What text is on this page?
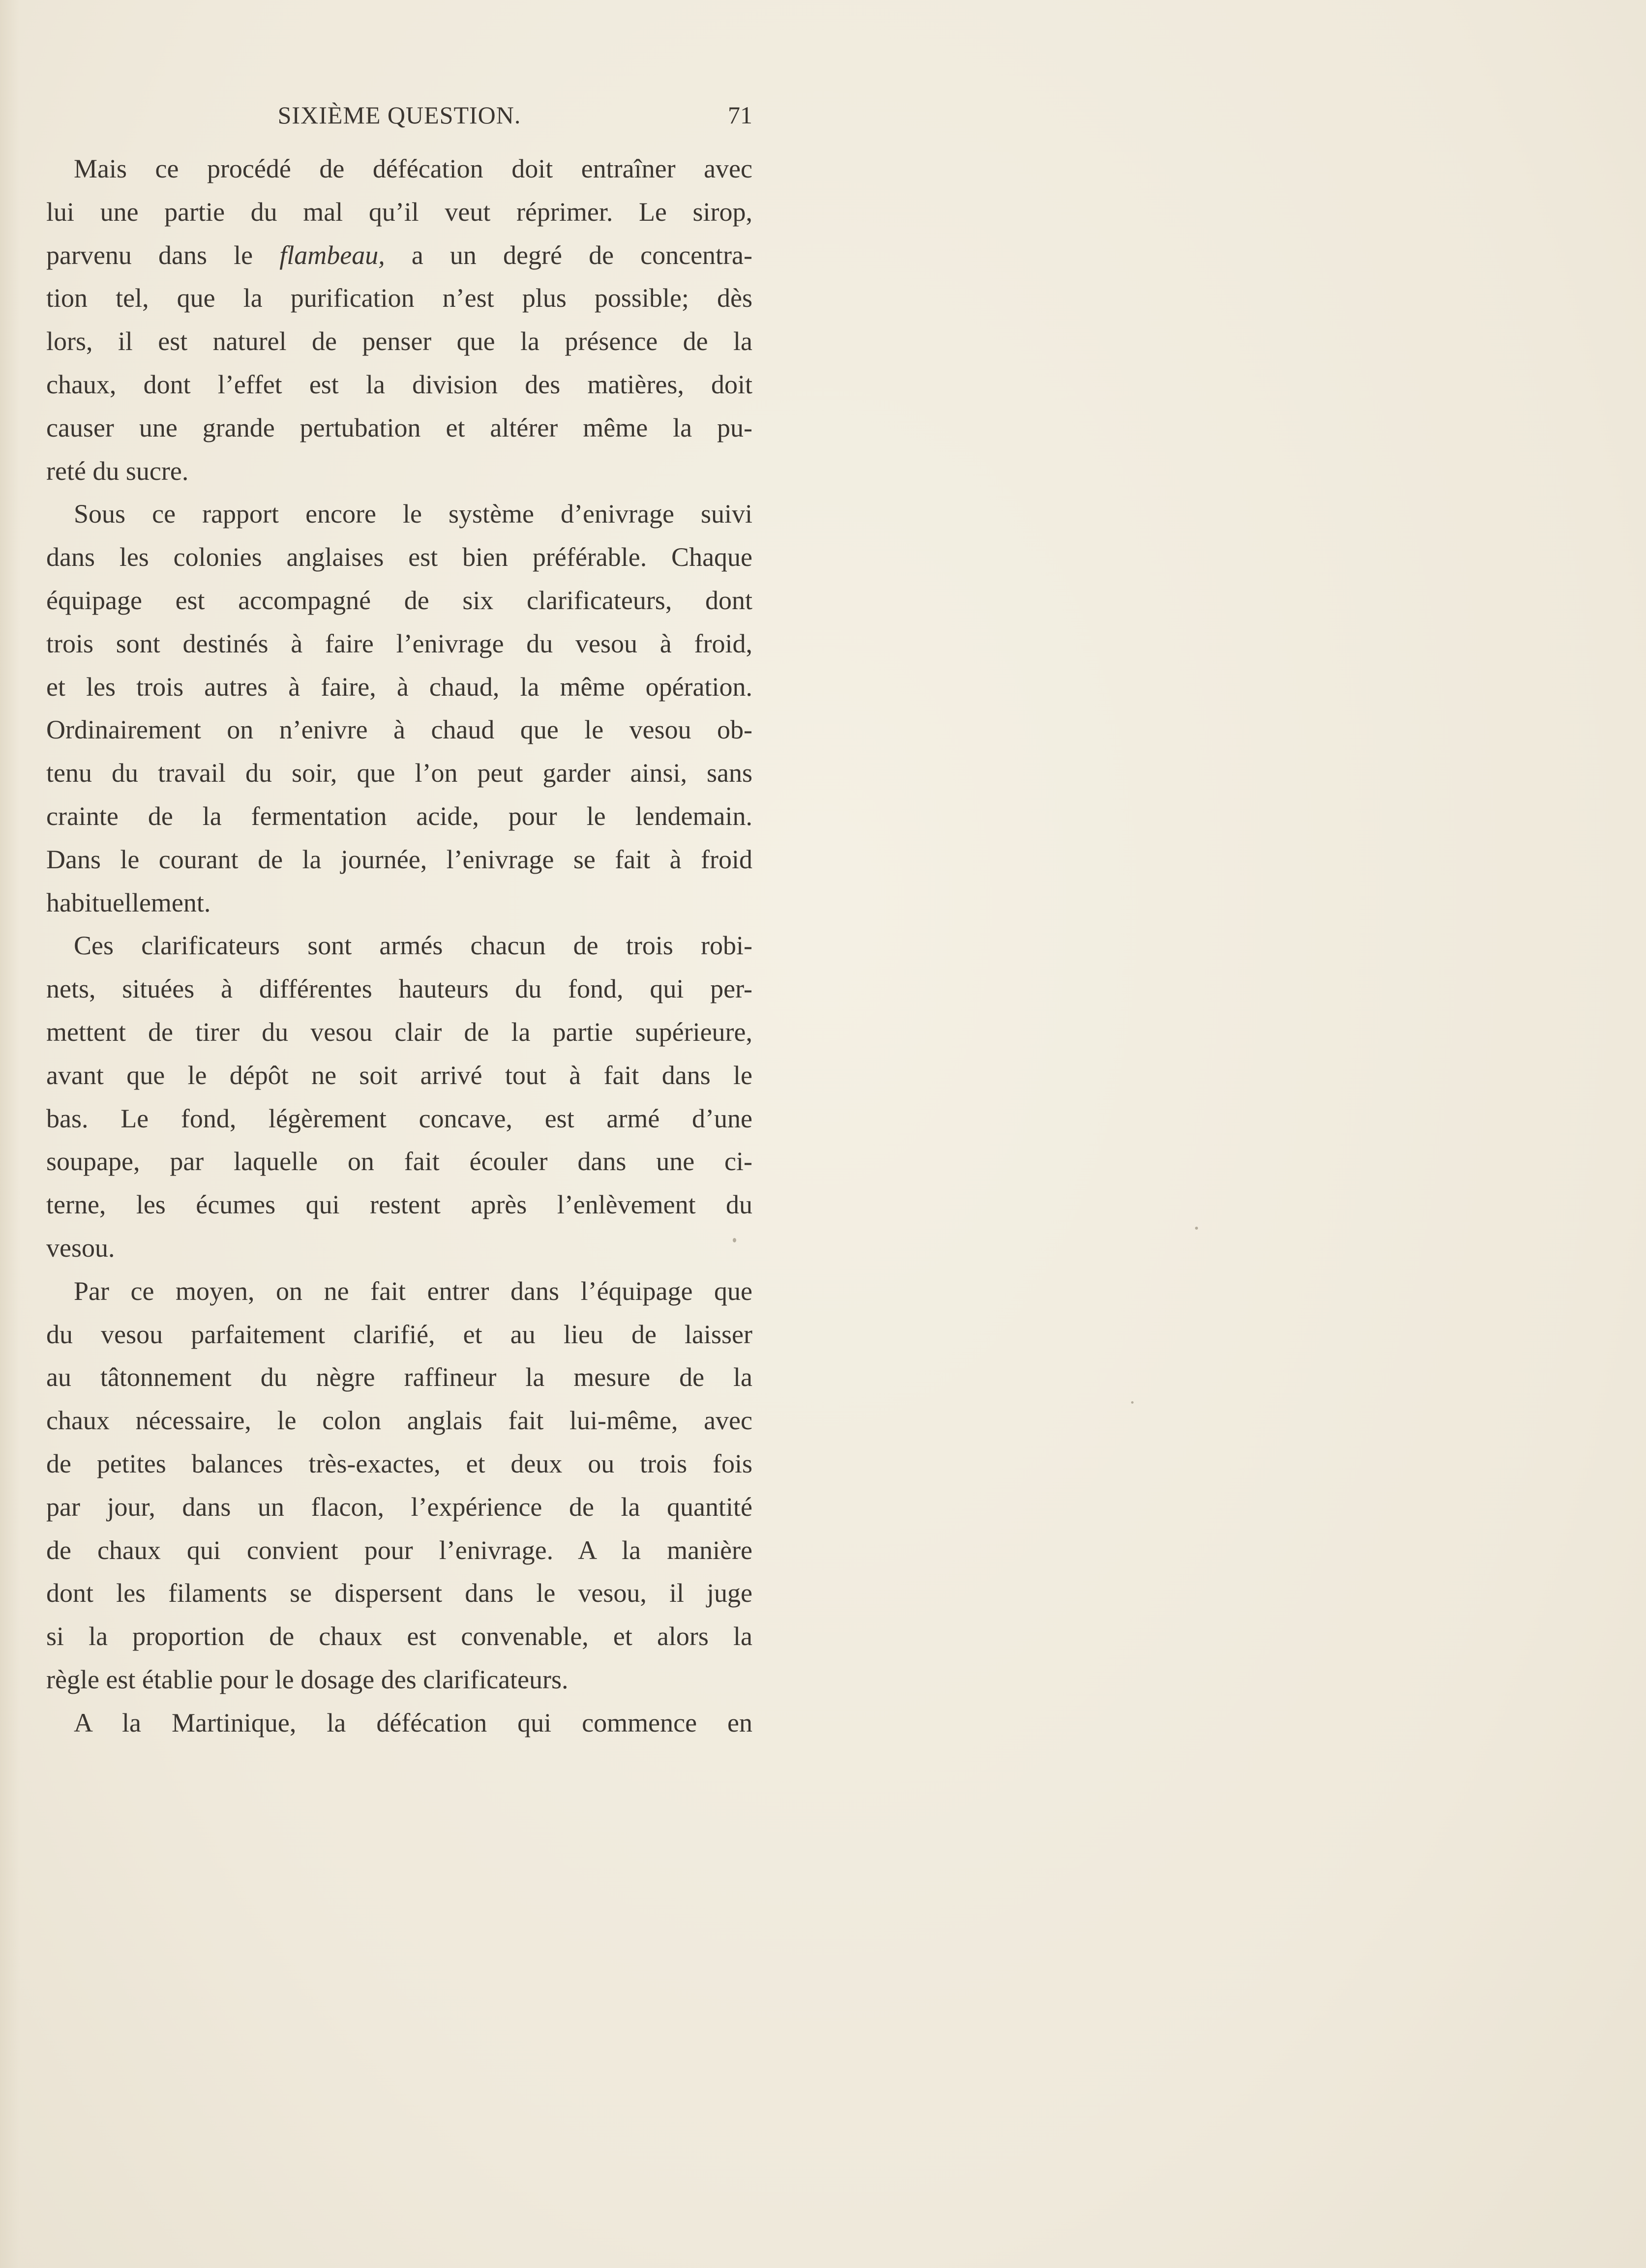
SIXIÈME QUESTION.	71
Mais ce procédé de défécation doit entraîner avec
lui une partie du mal qu’il veut réprimer. Le sirop,
parvenu dans le flambeau, a un degré de concentra-
tion tel, que la purification n’est plus possible; dès
lors, il est naturel de penser que la présence de la
chaux, dont l’effet est la division des matières, doit
causer une grande pertubation et altérer même la pu-
reté du sucre.
Sous ce rapport encore le système d’enivrage suivi
dans les colonies anglaises est bien préférable. Chaque
équipage est accompagné de six clarificateurs, dont
trois sont destinés à faire l’enivrage du vesou à froid,
et les trois autres à faire, à chaud, la même opération.
Ordinairement on n’enivre à chaud que le vesou ob-
tenu du travail du soir, que l’on peut garder ainsi, sans
crainte de la fermentation acide, pour le lendemain.
Dans le courant de la journée, l’enivrage se fait à froid
habituellement.
Ces clarificateurs sont armés chacun de trois robi-
nets, situées à différentes hauteurs du fond, qui per-
mettent de tirer du vesou clair de la partie supérieure,
avant que le dépôt ne soit arrivé tout à fait dans le
bas. Le fond, légèrement concave, est armé d’une
soupape, par laquelle on fait écouler dans une ci-
terne, les écumes qui restent après l’enlèvement du
vesou.
Par ce moyen, on ne fait entrer dans l’équipage que
du vesou parfaitement clarifié, et au lieu de laisser
au tâtonnement du nègre raffineur la mesure de la
chaux nécessaire, le colon anglais fait lui-même, avec
de petites balances très-exactes, et deux ou trois fois
par jour, dans un flacon, l’expérience de la quantité
de chaux qui convient pour l’enivrage. A la manière
dont les filaments se dispersent dans le vesou, il juge
si la proportion de chaux est convenable, et alors la
règle est établie pour le dosage des clarificateurs.
A la Martinique, la défécation qui commence en
